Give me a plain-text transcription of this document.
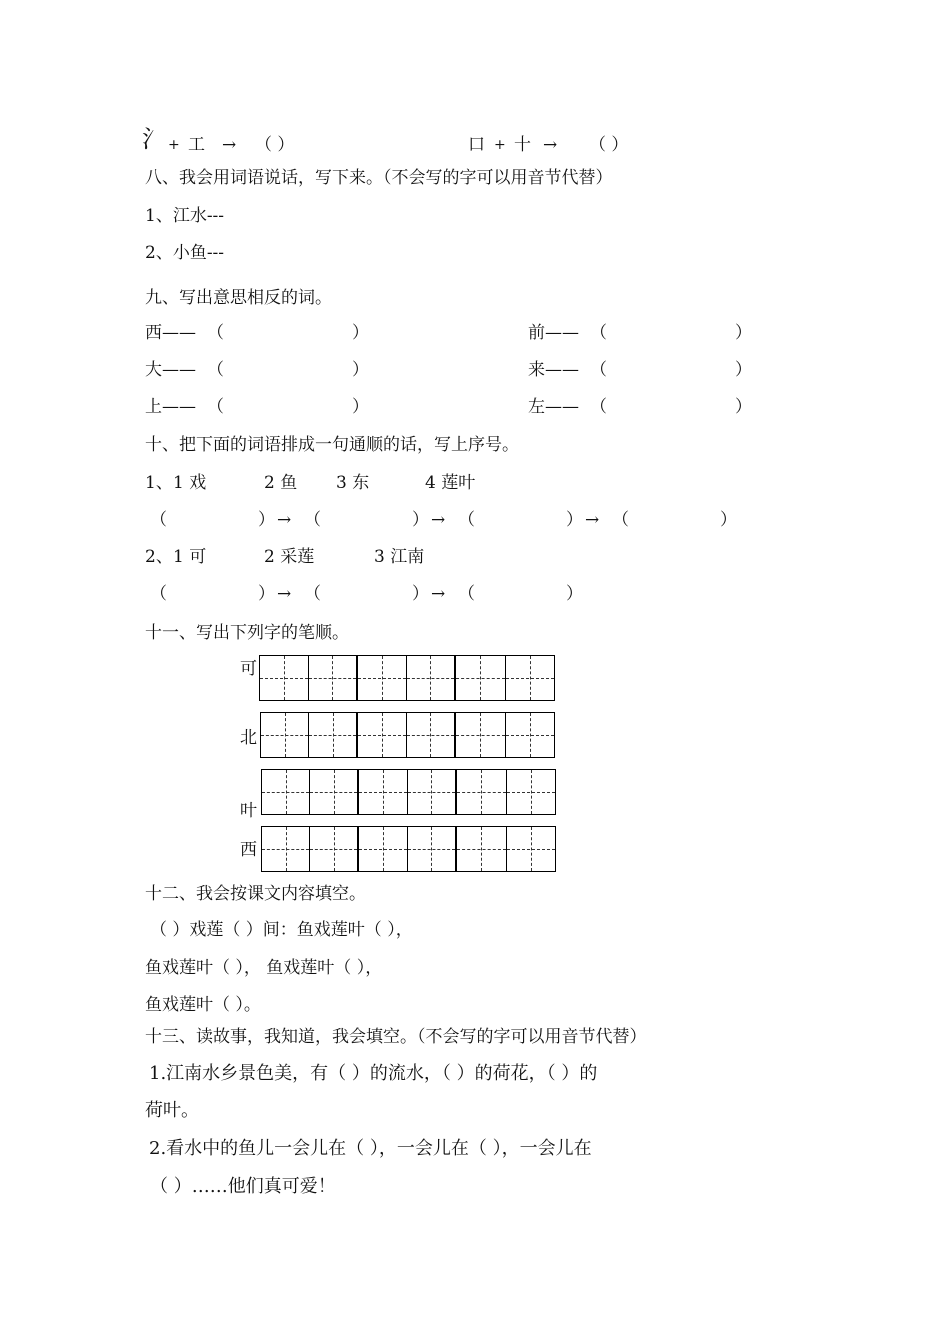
氵 + 工 → （ ）	口 + 十 → （ ）
八、我会用词语说话，写下来。（不会写的字可以用音节代替）
1、江水---
2、小鱼---
九、写出意思相反的词。
西—— （	）	前—— （	）
大—— （	）	来—— （	）
上—— （	）	左—— （	）
十、把下面的词语排成一句通顺的话，写上序号。
1、 1 戏	2 鱼 3 东	4 莲叶
（	） → （	） → （	） → （	）
2、 1 可	2 采莲	3 江南
（	） → （	） → （	）
十一、写出下列字的笔顺。
可
北
叶
西
十二、我会按课文内容填空。
（ ）戏莲（ ）间：鱼戏莲叶（ ），
鱼戏莲叶（ ）， 鱼戏莲叶（ ），
鱼戏莲叶（ ）。
十三、读故事，我知道，我会填空。（不会写的字可以用音节代替）
1.江南水乡景色美，有（ ）的流水，（ ）的荷花，（ ）的
荷叶。
2.看水中的鱼儿一会儿在（ ），一会儿在（ ），一会儿在
（ ）……他们真可爱！
